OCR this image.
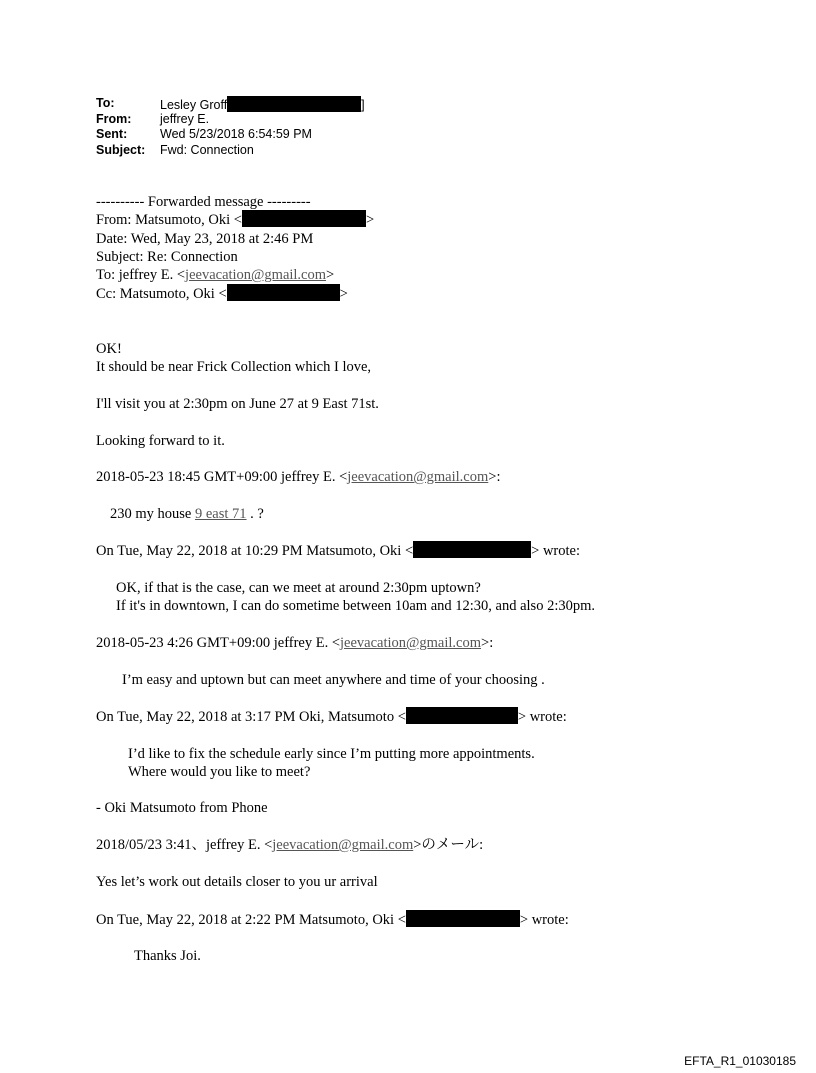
To:	Lesley Groff	]
From: jeffrey E.
Sent:	Wed 5/23/2018 6:54:59 PM
Subject: Fwd: Connection
---------- Forwarded message ---------
From: Matsumoto, Oki <	>
Date: Wed, May 23, 2018 at 2:46 PM
Subject: Re: Connection
To: jeffrey E. <jeevacation@gmail.com>
Cc: Matsumoto, Oki <	>
OK!
It should be near Frick Collection which I love,
I'll visit you at 2:30pm on June 27 at 9 East 71st.
Looking forward to it.
2018-05-23 18:45 GMT+09:00 jeffrey E. <jeevacation@gmail.com>:
230 my house 9 east 71 . ?
On Tue, May 22, 2018 at 10:29 PM Matsumoto, Oki <	> wrote:
OK, if that is the case, can we meet at around 2:30pm uptown?
If it's in downtown, I can do sometime between 10am and 12:30, and also 2:30pm.
2018-05-23 4:26 GMT+09:00 jeffrey E. <jeevacation@gmail.com>:
I’m easy and uptown but can meet anywhere and time of your choosing .
On Tue, May 22, 2018 at 3:17 PM Oki, Matsumoto <	> wrote:
I’d like to fix the schedule early since I’m putting more appointments.
Where would you like to meet?
- Oki Matsumoto from Phone
2018/05/23 3:41、jeffrey E. <jeevacation@gmail.com>のメール:
Yes let’s work out details closer to you ur arrival
On Tue, May 22, 2018 at 2:22 PM Matsumoto, Oki <	> wrote:
Thanks Joi.
EFTA_R1_01030185
